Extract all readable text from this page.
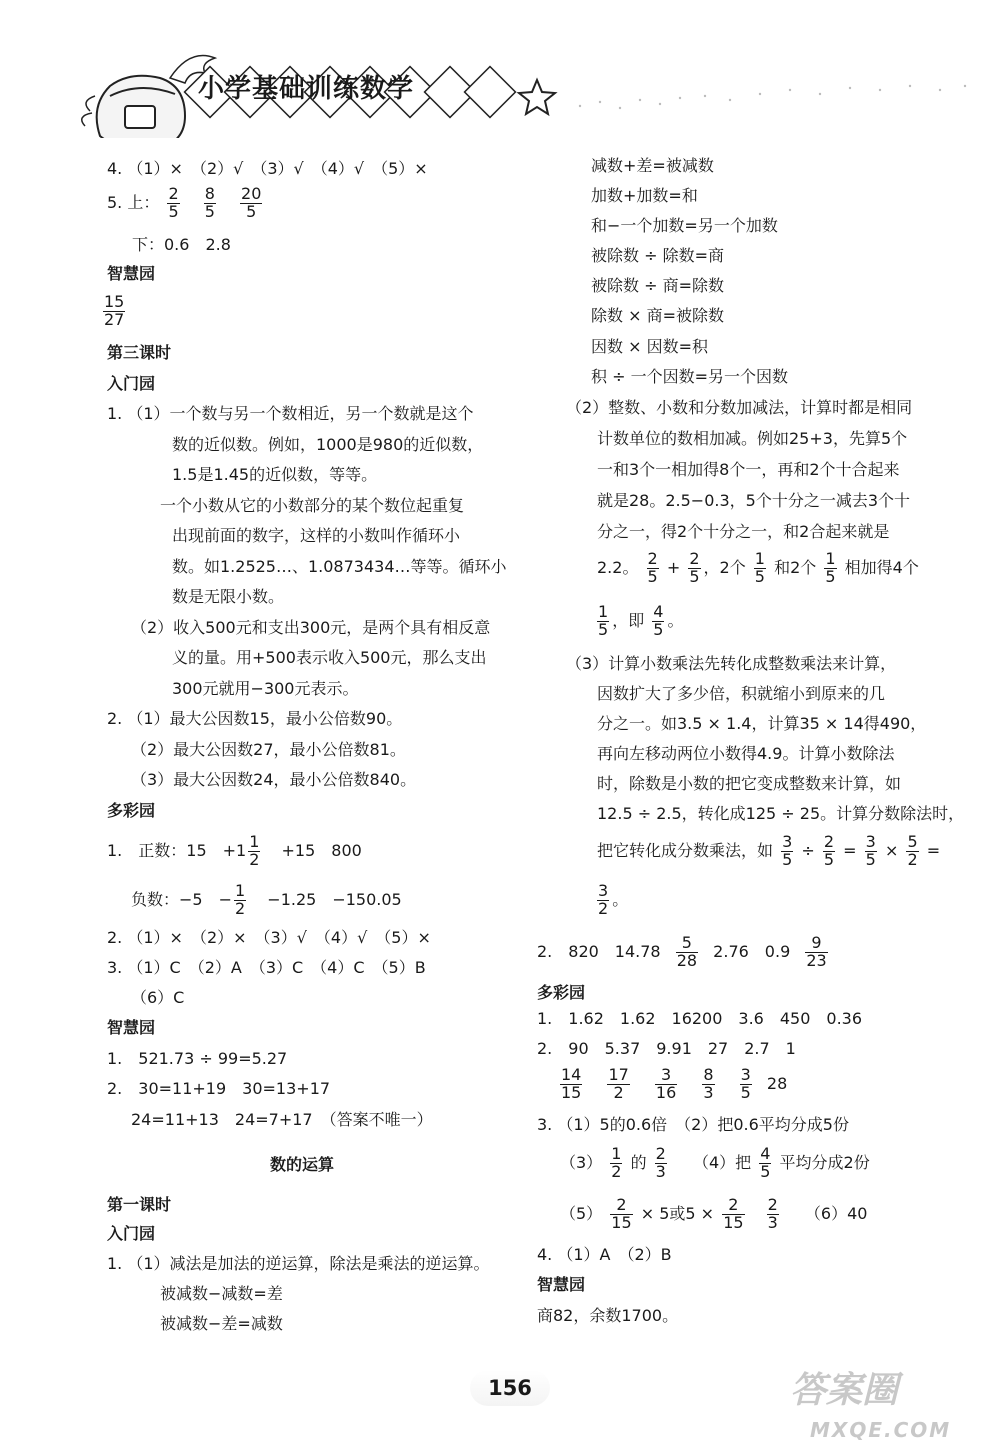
小学基础训练数学
4. （1）×　（2）√　（3）√　（4）√　（5）×
5. 上： $\frac{2}{5}$
$\frac{8}{5}$
$\frac{20}{5}$
下：0.6　2.8
智慧园
$\frac{15}{27}$
第三课时
入门园
1. （1）一个数与另一个数相近，另一个数就是这个
数的近似数。例如，1000是980的近似数，
1.5是1.45的近似数，等等。
一个小数从它的小数部分的某个数位起重复
出现前面的数字，这样的小数叫作循环小
数。如1.2525…、1.0873434…等等。循环小
数是无限小数。
（2）收入500元和支出300元，是两个具有相反意
义的量。用+500表示收入500元，那么支出
300元就用−300元表示。
2. （1）最大公因数15，最小公倍数90。
（2）最大公因数27，最小公倍数81。
（3）最大公因数24，最小公倍数840。
多彩园
1.　正数：15　$+1 \frac{1}{2} +15$　800
负数：−5　− $\frac{1}{2} -1.25$　−150.05
2. （1）×　（2）×　（3）√　（4）√　（5）×
3. （1）C　（2）A　（3）C　（4）C　（5）B
（6）C
智慧园
1.　521.73 ÷ 99=5.27
2.　30=11+19　30=13+17
24=11+13　24=7+17　（答案不唯一）
数的运算
第一课时
入门园
1. （1）减法是加法的逆运算，除法是乘法的逆运算。
被减数−减数=差
被减数−差=减数
减数+差=被减数
加数+加数=和
和−一个加数=另一个加数
被除数 ÷ 除数=商
被除数 ÷ 商=除数
除数 × 商=被除数
因数 × 因数=积
积 ÷ 一个因数=另一个因数
（2）整数、小数和分数加减法，计算时都是相同
计数单位的数相加减。例如25+3，先算5个
一和3个一相加得8个一，再和2个十合起来
就是28。2.5−0.3，5个十分之一减去3个十
分之一，得2个十分之一，和2合起来就是
2.2。 $\frac{2}{5} + \frac{2}{5}$ ，2个 $\frac{1}{5}$ 和2个 $\frac{1}{5}$ 相加得4个
$\frac{1}{5}$ ，即 $\frac{4}{5}$ 。
（3）计算小数乘法先转化成整数乘法来计算，
因数扩大了多少倍，积就缩小到原来的几
分之一。如3.5 × 1.4，计算35 × 14得490，
再向左移动两位小数得4.9。计算小数除法
时，除数是小数的把它变成整数来计算，如
12.5 ÷ 2.5，转化成125 ÷ 25。计算分数除法时，
把它转化成分数乘法，如 $\frac{3}{5} \div \frac{2}{5} = \frac{3}{5} \times \frac{5}{2}$ =
$\frac{3}{2}$ 。
2.　820　$14.78 \frac{5}{28} 2.76$　$0.9 \frac{9}{23}$
多彩园
1.　1.62　1.62　16200　3.6　450　0.36
2.　90　5.37　9.91　27　2.7　1
$\frac{14}{15}$
$\frac{17}{2}$
$\frac{3}{16}$
$\frac{8}{3}$
$\frac{3}{5} 28$
3. （1）5的0.6倍　（2）把0.6平均分成5份
$(3) \frac{1}{2}$ 的 $\frac{2}{3} (4)$把 $\frac{4}{5}$ 平均分成2份
$(5) \frac{2}{15} \times 5$或$5 \times \frac{2}{15}$
$\frac{2}{3} (6)40$
4. （1）A　（2）B
智慧园
商82，余数1700。
156	答案圈
MXQE.COM
